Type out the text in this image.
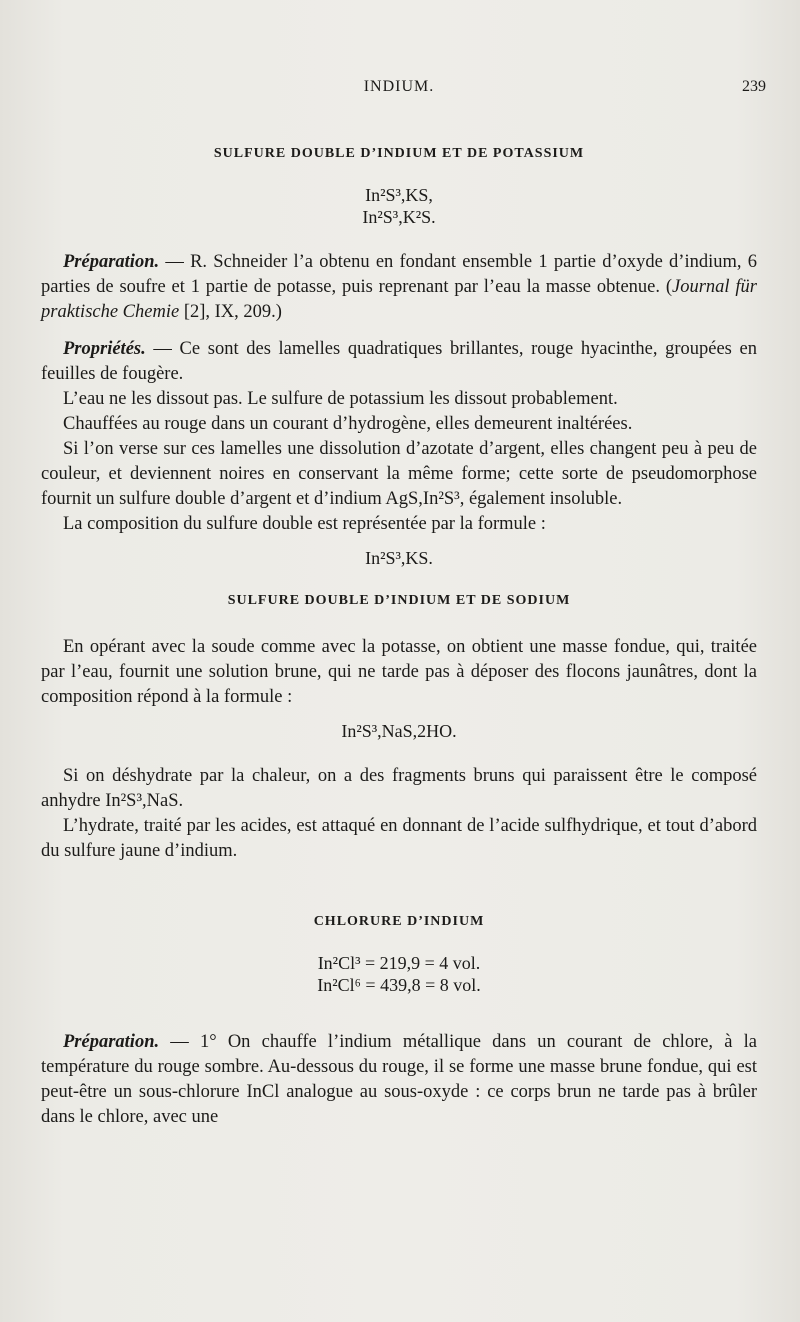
INDIUM.	239
SULFURE DOUBLE D’INDIUM ET DE POTASSIUM
In²S³,KS,
In²S³,K²S.

Préparation. — R. Schneider l’a obtenu en fondant ensemble 1 partie d’oxyde d’indium, 6 parties de soufre et 1 partie de potasse, puis reprenant par l’eau la masse obtenue. (Journal für praktische Chemie [2], IX, 209.)

Propriétés. — Ce sont des lamelles quadratiques brillantes, rouge hyacinthe, groupées en feuilles de fougère.

L’eau ne les dissout pas. Le sulfure de potassium les dissout probablement.

Chauffées au rouge dans un courant d’hydrogène, elles demeurent inaltérées.

Si l’on verse sur ces lamelles une dissolution d’azotate d’argent, elles changent peu à peu de couleur, et deviennent noires en conservant la même forme; cette sorte de pseudomorphose fournit un sulfure double d’argent et d’indium AgS,In²S³, également insoluble.

La composition du sulfure double est représentée par la formule :

In²S³,KS.
SULFURE DOUBLE D’INDIUM ET DE SODIUM

En opérant avec la soude comme avec la potasse, on obtient une masse fondue, qui, traitée par l’eau, fournit une solution brune, qui ne tarde pas à déposer des flocons jaunâtres, dont la composition répond à la formule :

In²S³,NaS,2HO.

Si on déshydrate par la chaleur, on a des fragments bruns qui paraissent être le composé anhydre In²S³,NaS.

L’hydrate, traité par les acides, est attaqué en donnant de l’acide sulfhydrique, et tout d’abord du sulfure jaune d’indium.

CHLORURE D’INDIUM
In²Cl³ = 219,9 = 4 vol.
In²Cl⁶ = 439,8 = 8 vol.

Préparation. — 1° On chauffe l’indium métallique dans un courant de chlore, à la température du rouge sombre. Au-dessous du rouge, il se forme une masse brune fondue, qui est peut-être un sous-chlorure InCl analogue au sous-oxyde : ce corps brun ne tarde pas à brûler dans le chlore, avec une
